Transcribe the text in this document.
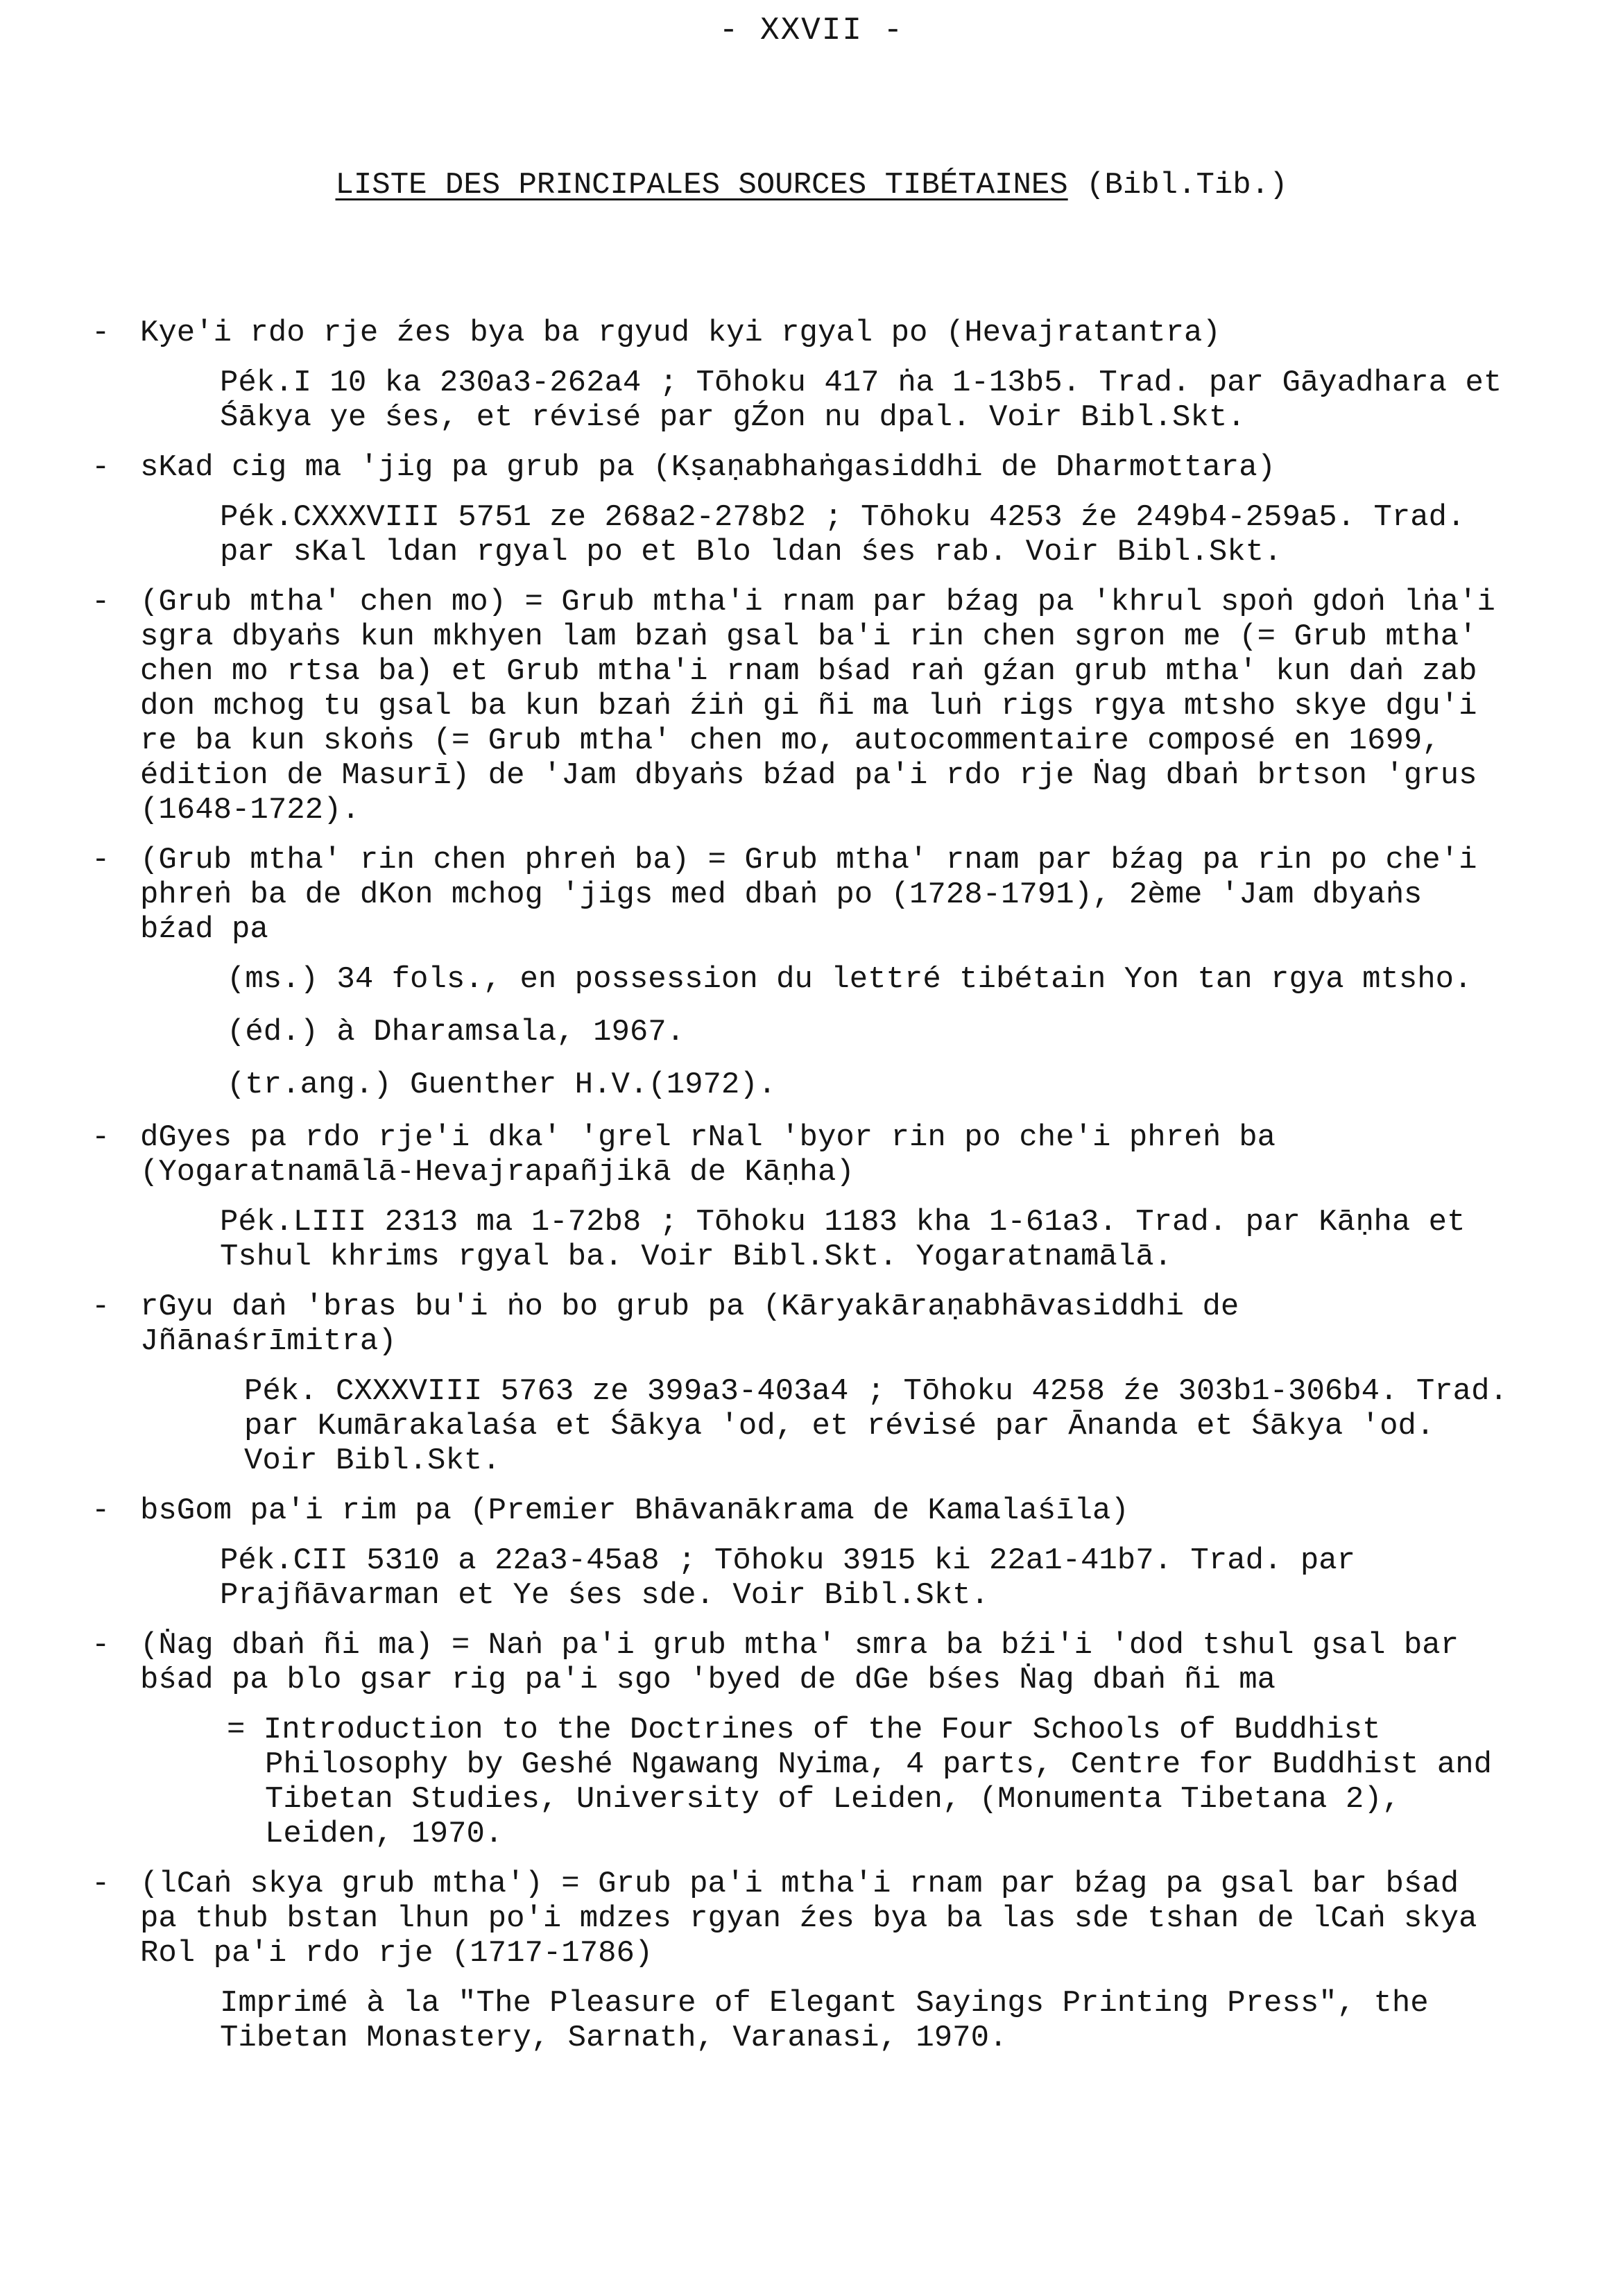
- XXVII -
LISTE DES PRINCIPALES SOURCES TIBÉTAINES (Bibl.Tib.)
- Kye'i rdo rje źes bya ba rgyud kyi rgyal po (Hevajratantra)
Pék.I 10 ka 230a3-262a4 ; Tōhoku 417 ṅa 1-13b5. Trad. par Gāyadhara et Śākya ye śes, et révisé par gŹon nu dpal. Voir Bibl.Skt.
- sKad cig ma 'jig pa grub pa (Kṣaṇabhaṅgasiddhi de Dharmottara)
Pék.CXXXVIII 5751 ze 268a2-278b2 ; Tōhoku 4253 źe 249b4-259a5. Trad. par sKal ldan rgyal po et Blo ldan śes rab. Voir Bibl.Skt.
- (Grub mtha' chen mo) = Grub mtha'i rnam par bźag pa 'khrul spoṅ gdoṅ lṅa'i sgra dbyaṅs kun mkhyen lam bzaṅ gsal ba'i rin chen sgron me (= Grub mtha' chen mo rtsa ba) et Grub mtha'i rnam bśad raṅ gźan grub mtha' kun daṅ zab don mchog tu gsal ba kun bzaṅ źiṅ gi ñi ma luṅ rigs rgya mtsho skye dgu'i re ba kun skoṅs (= Grub mtha' chen mo, autocommentaire composé en 1699, édition de Masurī) de 'Jam dbyaṅs bźad pa'i rdo rje Ṅag dbaṅ brtson 'grus (1648-1722).
- (Grub mtha' rin chen phreṅ ba) = Grub mtha' rnam par bźag pa rin po che'i phreṅ ba de dKon mchog 'jigs med dbaṅ po (1728-1791), 2ème 'Jam dbyaṅs bźad pa
(ms.) 34 fols., en possession du lettré tibétain Yon tan rgya mtsho.
(éd.) à Dharamsala, 1967.
(tr.ang.) Guenther H.V.(1972).
- dGyes pa rdo rje'i dka' 'grel rNal 'byor rin po che'i phreṅ ba (Yogaratnamālā-Hevajrapañjikā de Kāṇha)
Pék.LIII 2313 ma 1-72b8 ; Tōhoku 1183 kha 1-61a3. Trad. par Kāṇha et Tshul khrims rgyal ba. Voir Bibl.Skt. Yogaratnamālā.
- rGyu daṅ 'bras bu'i ṅo bo grub pa (Kāryakāraṇabhāvasiddhi de Jñānaśrīmitra)
Pék. CXXXVIII 5763 ze 399a3-403a4 ; Tōhoku 4258 źe 303b1-306b4. Trad. par Kumārakalaśa et Śākya 'od, et révisé par Ānanda et Śākya 'od. Voir Bibl.Skt.
- bsGom pa'i rim pa (Premier Bhāvanākrama de Kamalaśīla)
Pék.CII 5310 a 22a3-45a8 ; Tōhoku 3915 ki 22a1-41b7. Trad. par Prajñāvarman et Ye śes sde. Voir Bibl.Skt.
- (Ṅag dbaṅ ñi ma) = Naṅ pa'i grub mtha' smra ba bźi'i 'dod tshul gsal bar bśad pa blo gsar rig pa'i sgo 'byed de dGe bśes Ṅag dbaṅ ñi ma
= Introduction to the Doctrines of the Four Schools of Buddhist Philosophy by Geshé Ngawang Nyima, 4 parts, Centre for Buddhist and Tibetan Studies, University of Leiden, (Monumenta Tibetana 2), Leiden, 1970.
- (lCaṅ skya grub mtha') = Grub pa'i mtha'i rnam par bźag pa gsal bar bśad pa thub bstan lhun po'i mdzes rgyan źes bya ba las sde tshan de lCaṅ skya Rol pa'i rdo rje (1717-1786)
Imprimé à la "The Pleasure of Elegant Sayings Printing Press", the Tibetan Monastery, Sarnath, Varanasi, 1970.
